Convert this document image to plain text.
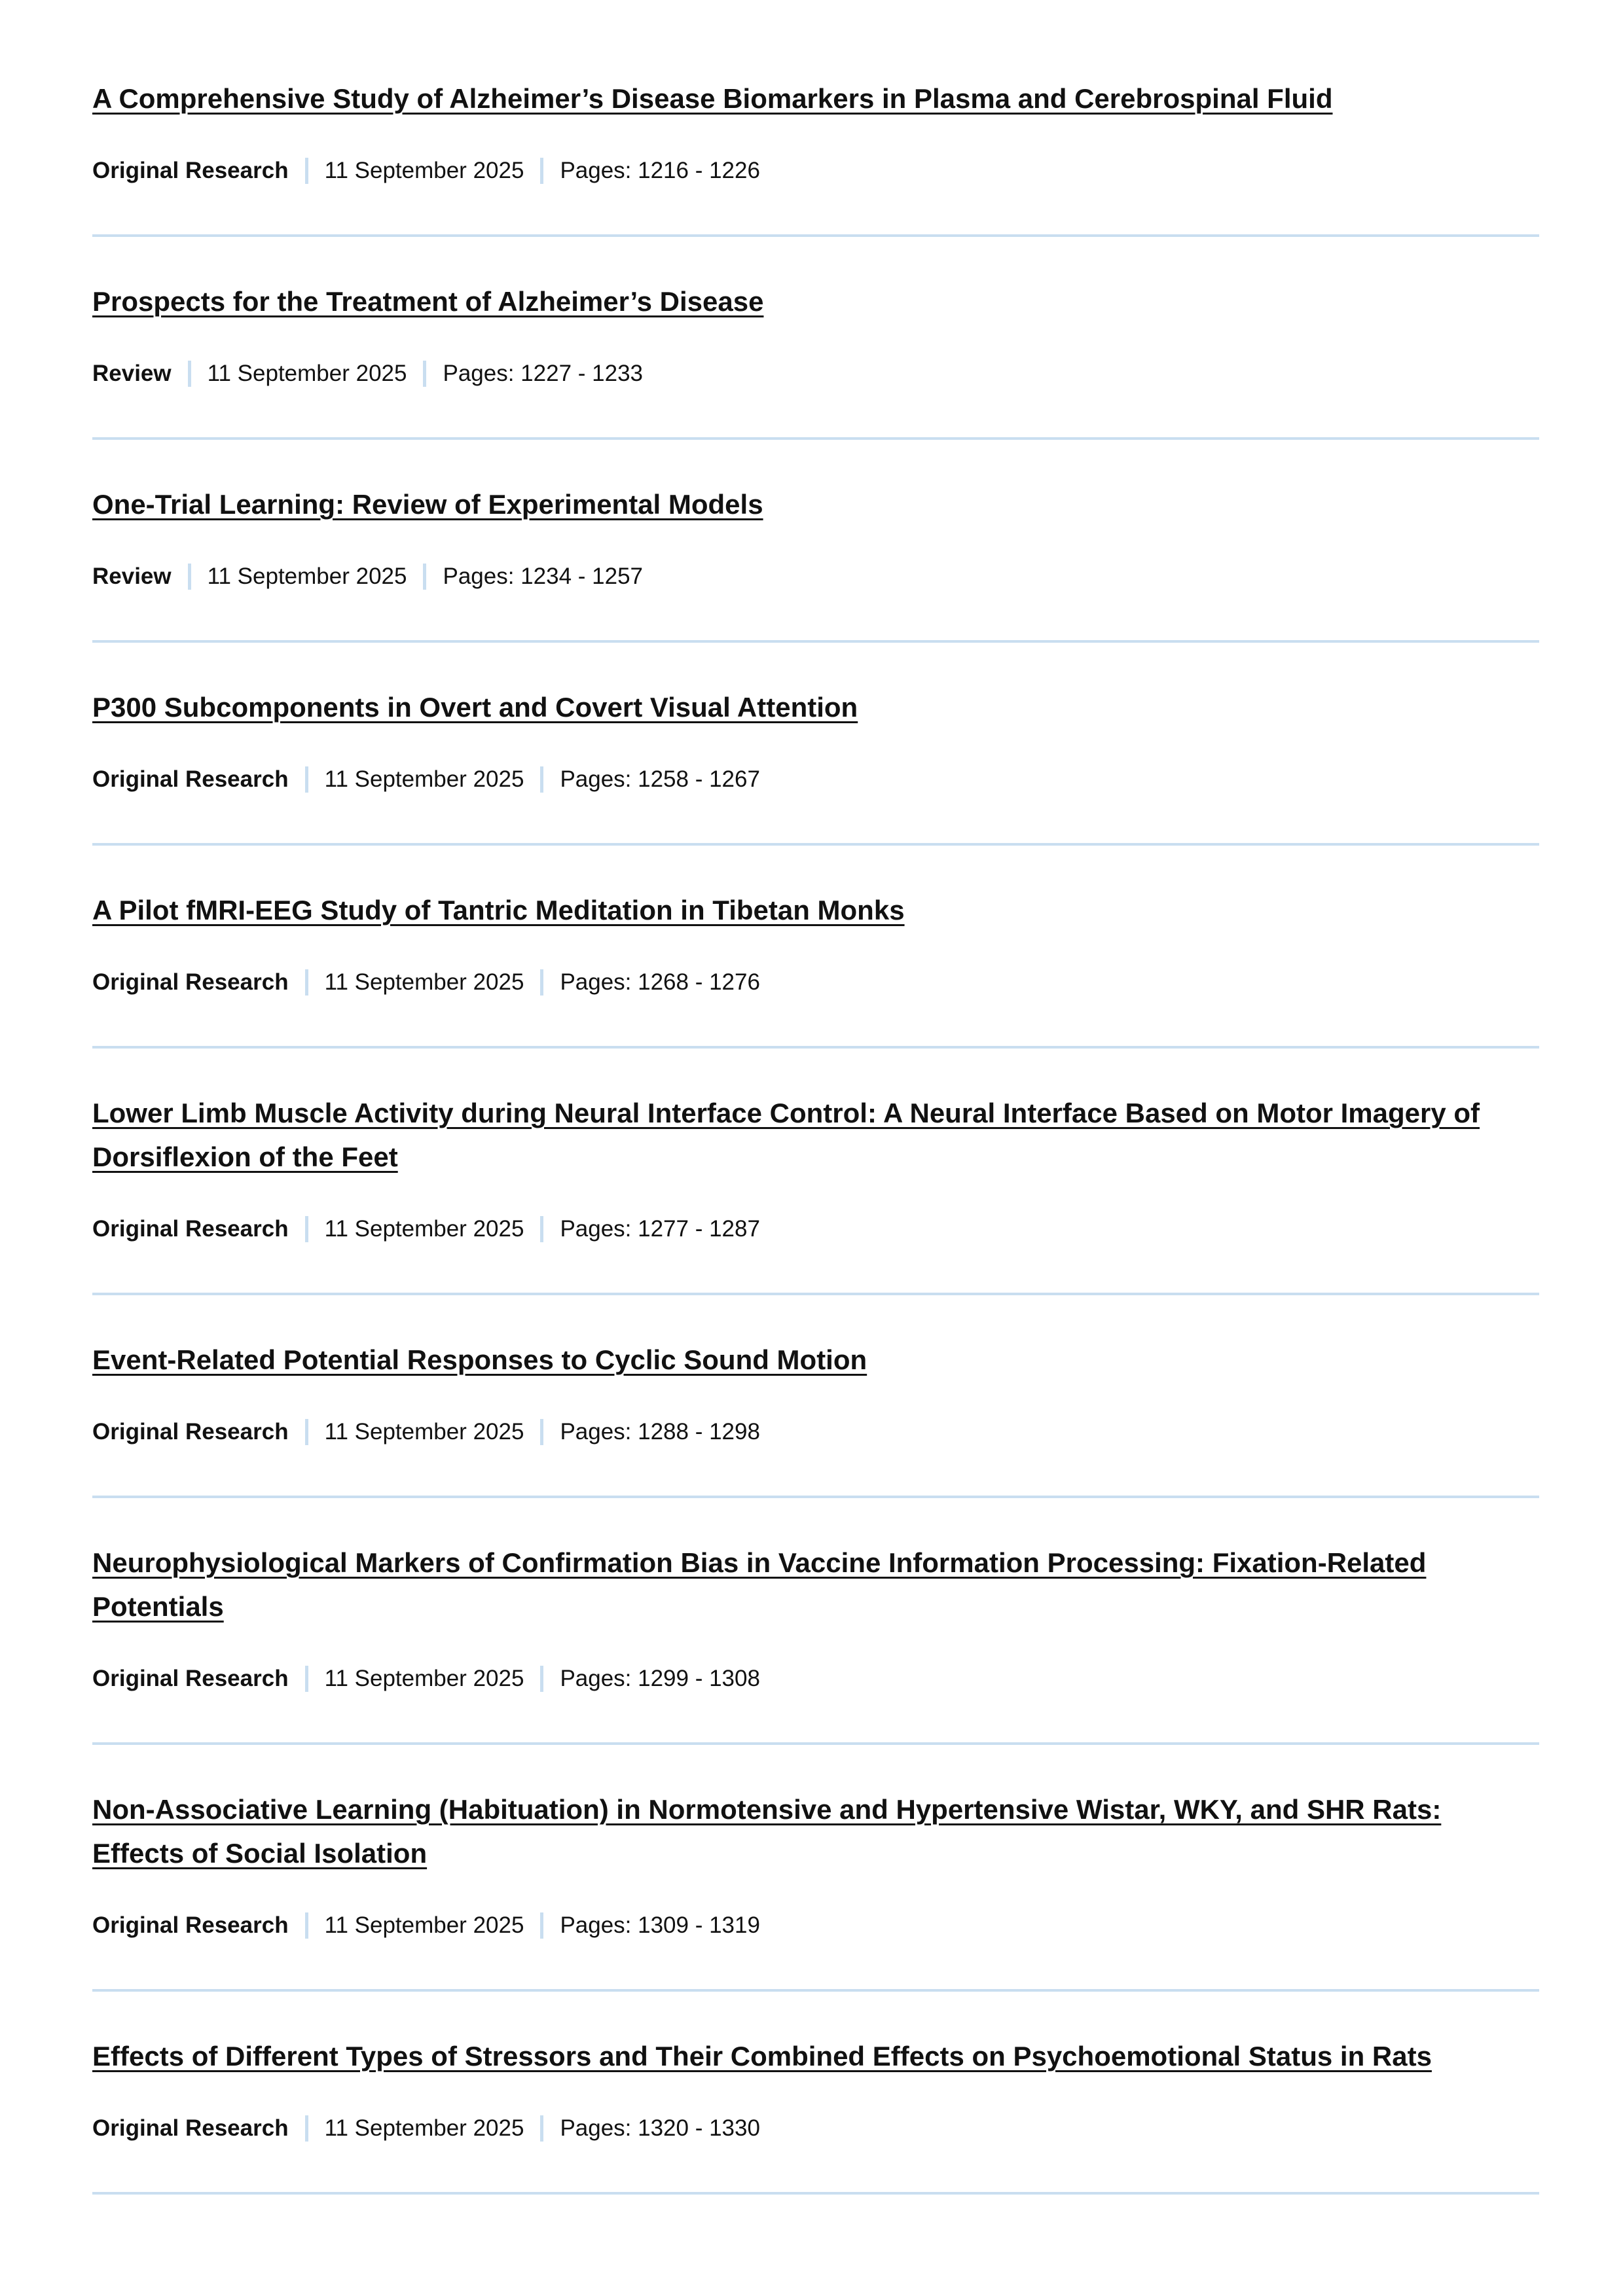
A Comprehensive Study of Alzheimer’s Disease Biomarkers in Plasma and Cerebrospinal Fluid
Original Research 11 September 2025 Pages: 1216 - 1226
Prospects for the Treatment of Alzheimer’s Disease
Review 11 September 2025 Pages: 1227 - 1233
One-Trial Learning: Review of Experimental Models
Review 11 September 2025 Pages: 1234 - 1257
P300 Subcomponents in Overt and Covert Visual Attention
Original Research 11 September 2025 Pages: 1258 - 1267
A Pilot fMRI-EEG Study of Tantric Meditation in Tibetan Monks
Original Research 11 September 2025 Pages: 1268 - 1276
Lower Limb Muscle Activity during Neural Interface Control: A Neural Interface Based on Motor Imagery of Dorsiflexion of the Feet
Original Research 11 September 2025 Pages: 1277 - 1287
Event-Related Potential Responses to Cyclic Sound Motion
Original Research 11 September 2025 Pages: 1288 - 1298
Neurophysiological Markers of Confirmation Bias in Vaccine Information Processing: Fixation-Related Potentials
Original Research 11 September 2025 Pages: 1299 - 1308
Non-Associative Learning (Habituation) in Normotensive and Hypertensive Wistar, WKY, and SHR Rats: Effects of Social Isolation
Original Research 11 September 2025 Pages: 1309 - 1319
Effects of Different Types of Stressors and Their Combined Effects on Psychoemotional Status in Rats
Original Research 11 September 2025 Pages: 1320 - 1330
